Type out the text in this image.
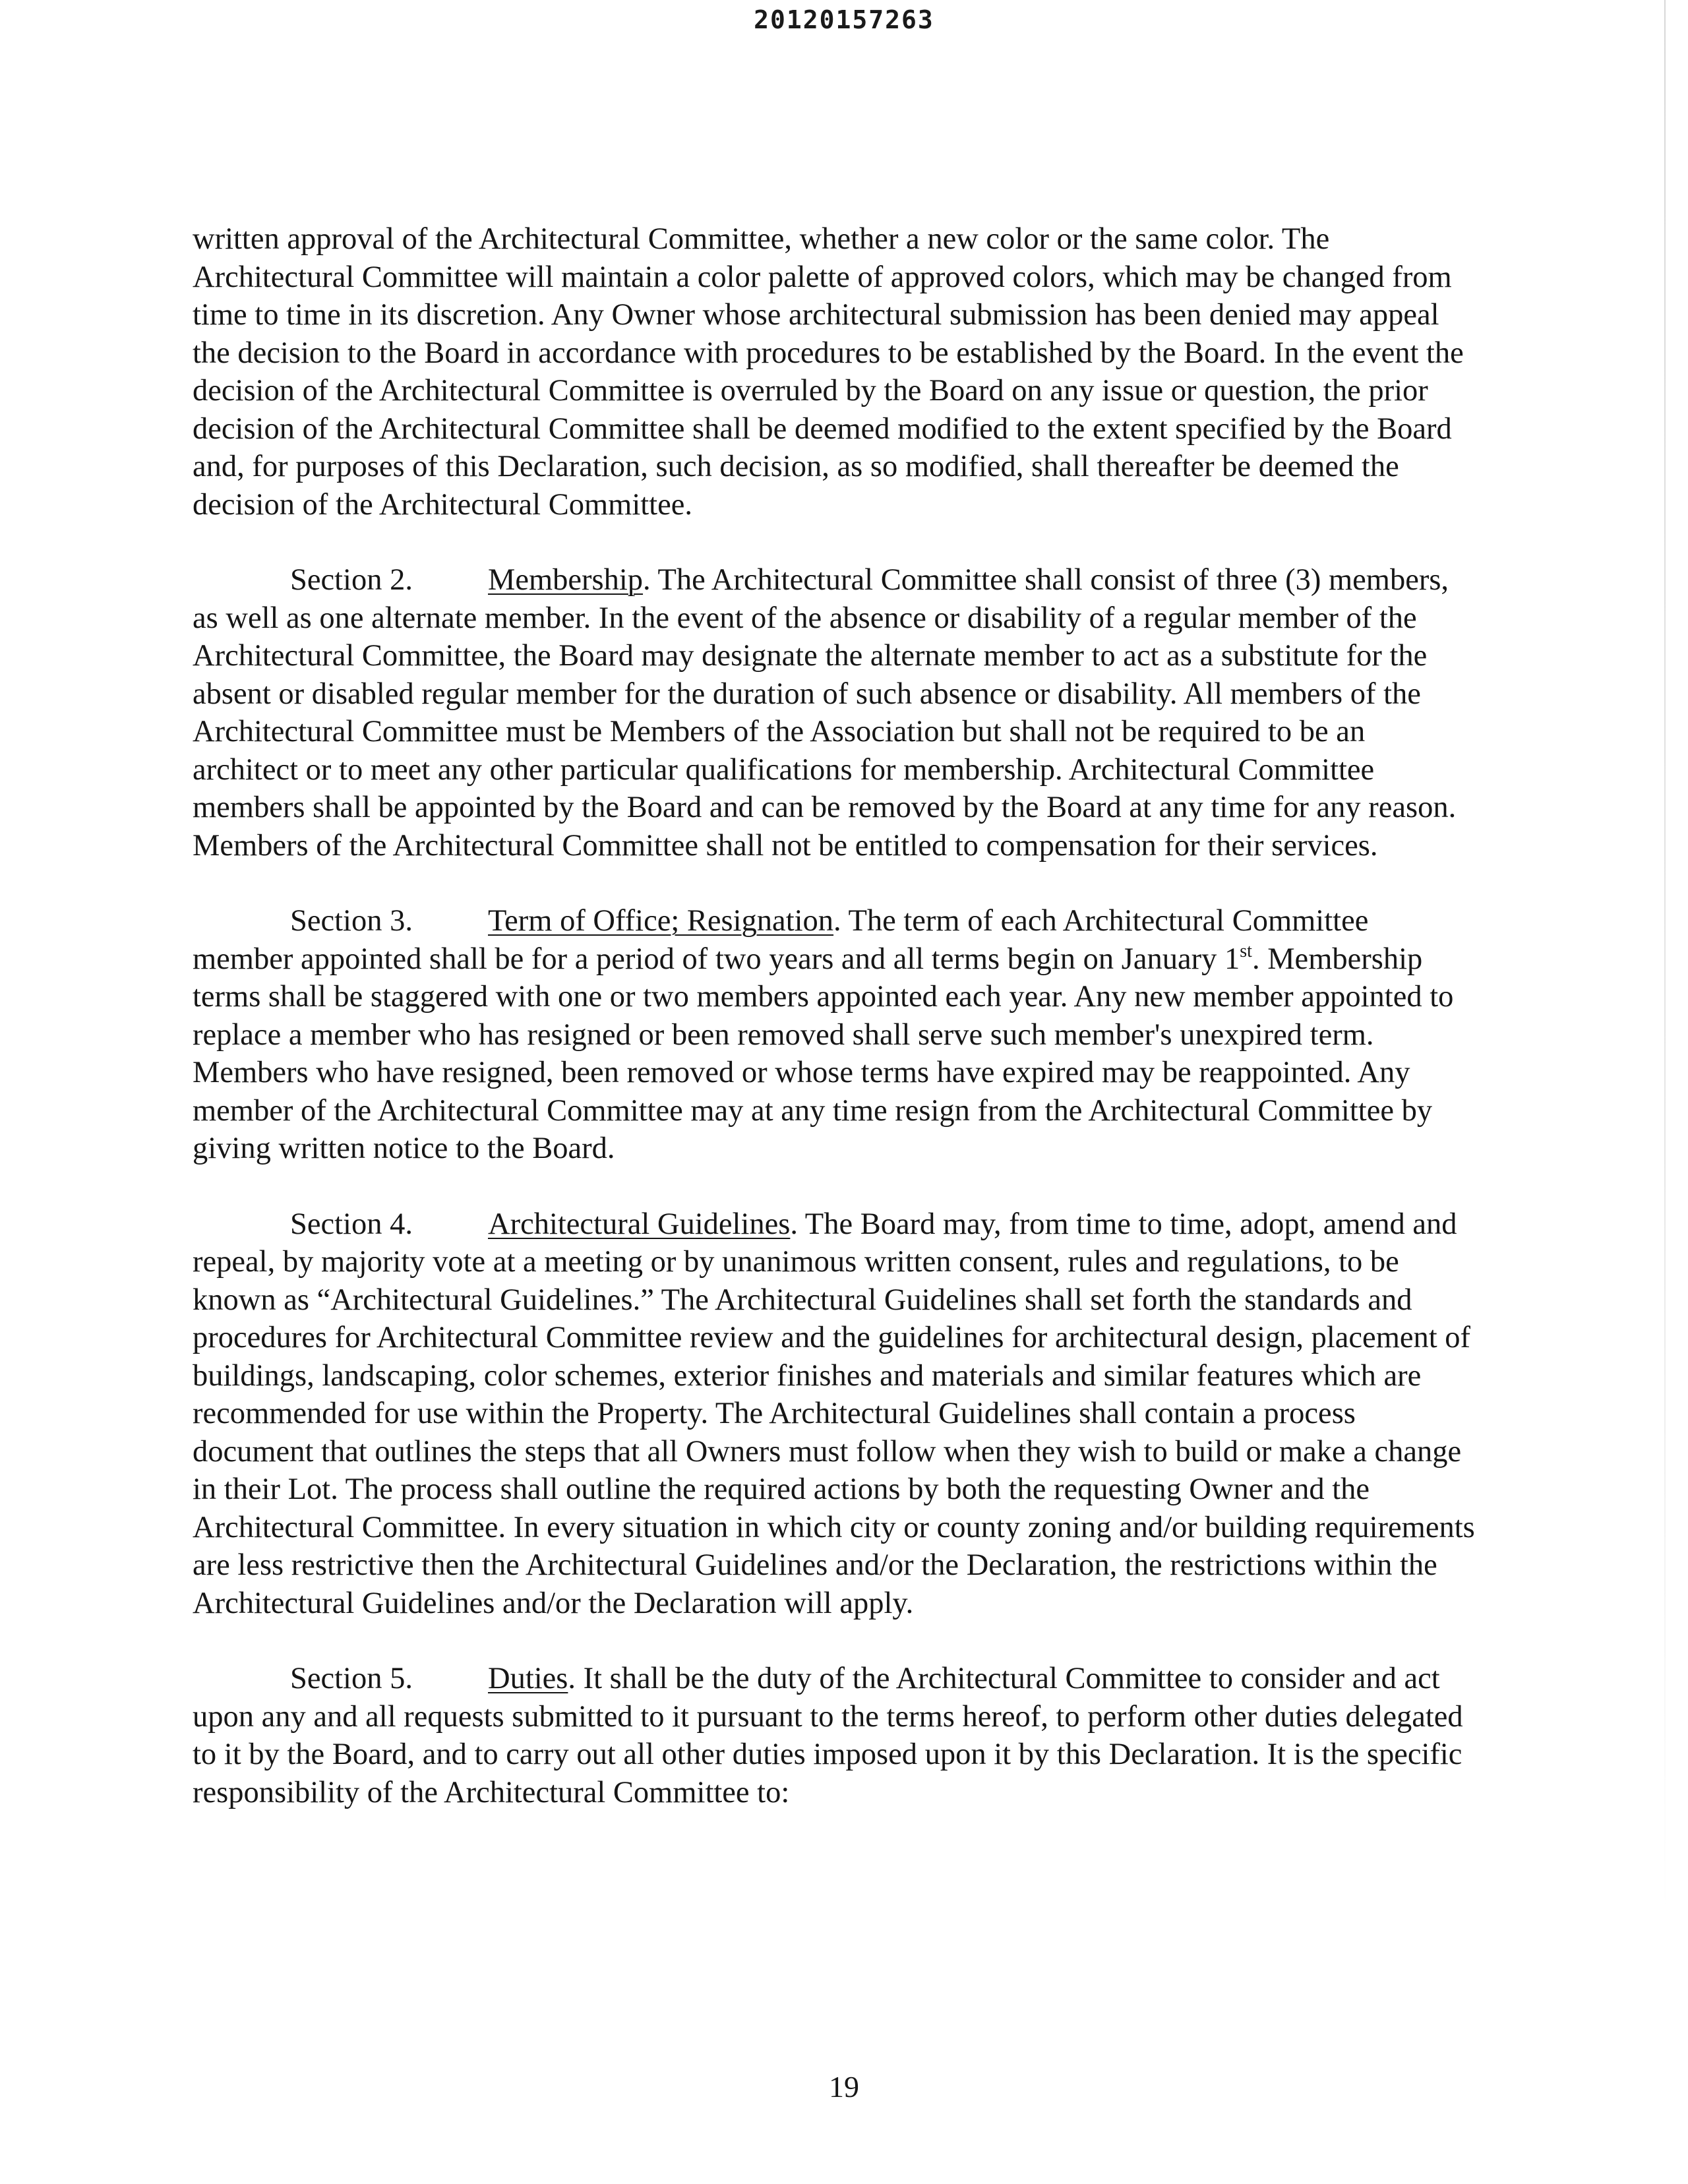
20120157263

written approval of the Architectural Committee, whether a new color or the same color. The Architectural Committee will maintain a color palette of approved colors, which may be changed from time to time in its discretion. Any Owner whose architectural submission has been denied may appeal the decision to the Board in accordance with procedures to be established by the Board. In the event the decision of the Architectural Committee is overruled by the Board on any issue or question, the prior decision of the Architectural Committee shall be deemed modified to the extent specified by the Board and, for purposes of this Declaration, such decision, as so modified, shall thereafter be deemed the decision of the Architectural Committee.

Section 2. Membership. The Architectural Committee shall consist of three (3) members, as well as one alternate member. In the event of the absence or disability of a regular member of the Architectural Committee, the Board may designate the alternate member to act as a substitute for the absent or disabled regular member for the duration of such absence or disability. All members of the Architectural Committee must be Members of the Association but shall not be required to be an architect or to meet any other particular qualifications for membership. Architectural Committee members shall be appointed by the Board and can be removed by the Board at any time for any reason. Members of the Architectural Committee shall not be entitled to compensation for their services.

Section 3. Term of Office; Resignation. The term of each Architectural Committee member appointed shall be for a period of two years and all terms begin on January 1st. Membership terms shall be staggered with one or two members appointed each year. Any new member appointed to replace a member who has resigned or been removed shall serve such member's unexpired term. Members who have resigned, been removed or whose terms have expired may be reappointed. Any member of the Architectural Committee may at any time resign from the Architectural Committee by giving written notice to the Board.

Section 4. Architectural Guidelines. The Board may, from time to time, adopt, amend and repeal, by majority vote at a meeting or by unanimous written consent, rules and regulations, to be known as “Architectural Guidelines.” The Architectural Guidelines shall set forth the standards and procedures for Architectural Committee review and the guidelines for architectural design, placement of buildings, landscaping, color schemes, exterior finishes and materials and similar features which are recommended for use within the Property. The Architectural Guidelines shall contain a process document that outlines the steps that all Owners must follow when they wish to build or make a change in their Lot. The process shall outline the required actions by both the requesting Owner and the Architectural Committee. In every situation in which city or county zoning and/or building requirements are less restrictive then the Architectural Guidelines and/or the Declaration, the restrictions within the Architectural Guidelines and/or the Declaration will apply.

Section 5. Duties. It shall be the duty of the Architectural Committee to consider and act upon any and all requests submitted to it pursuant to the terms hereof, to perform other duties delegated to it by the Board, and to carry out all other duties imposed upon it by this Declaration. It is the specific responsibility of the Architectural Committee to:

19
